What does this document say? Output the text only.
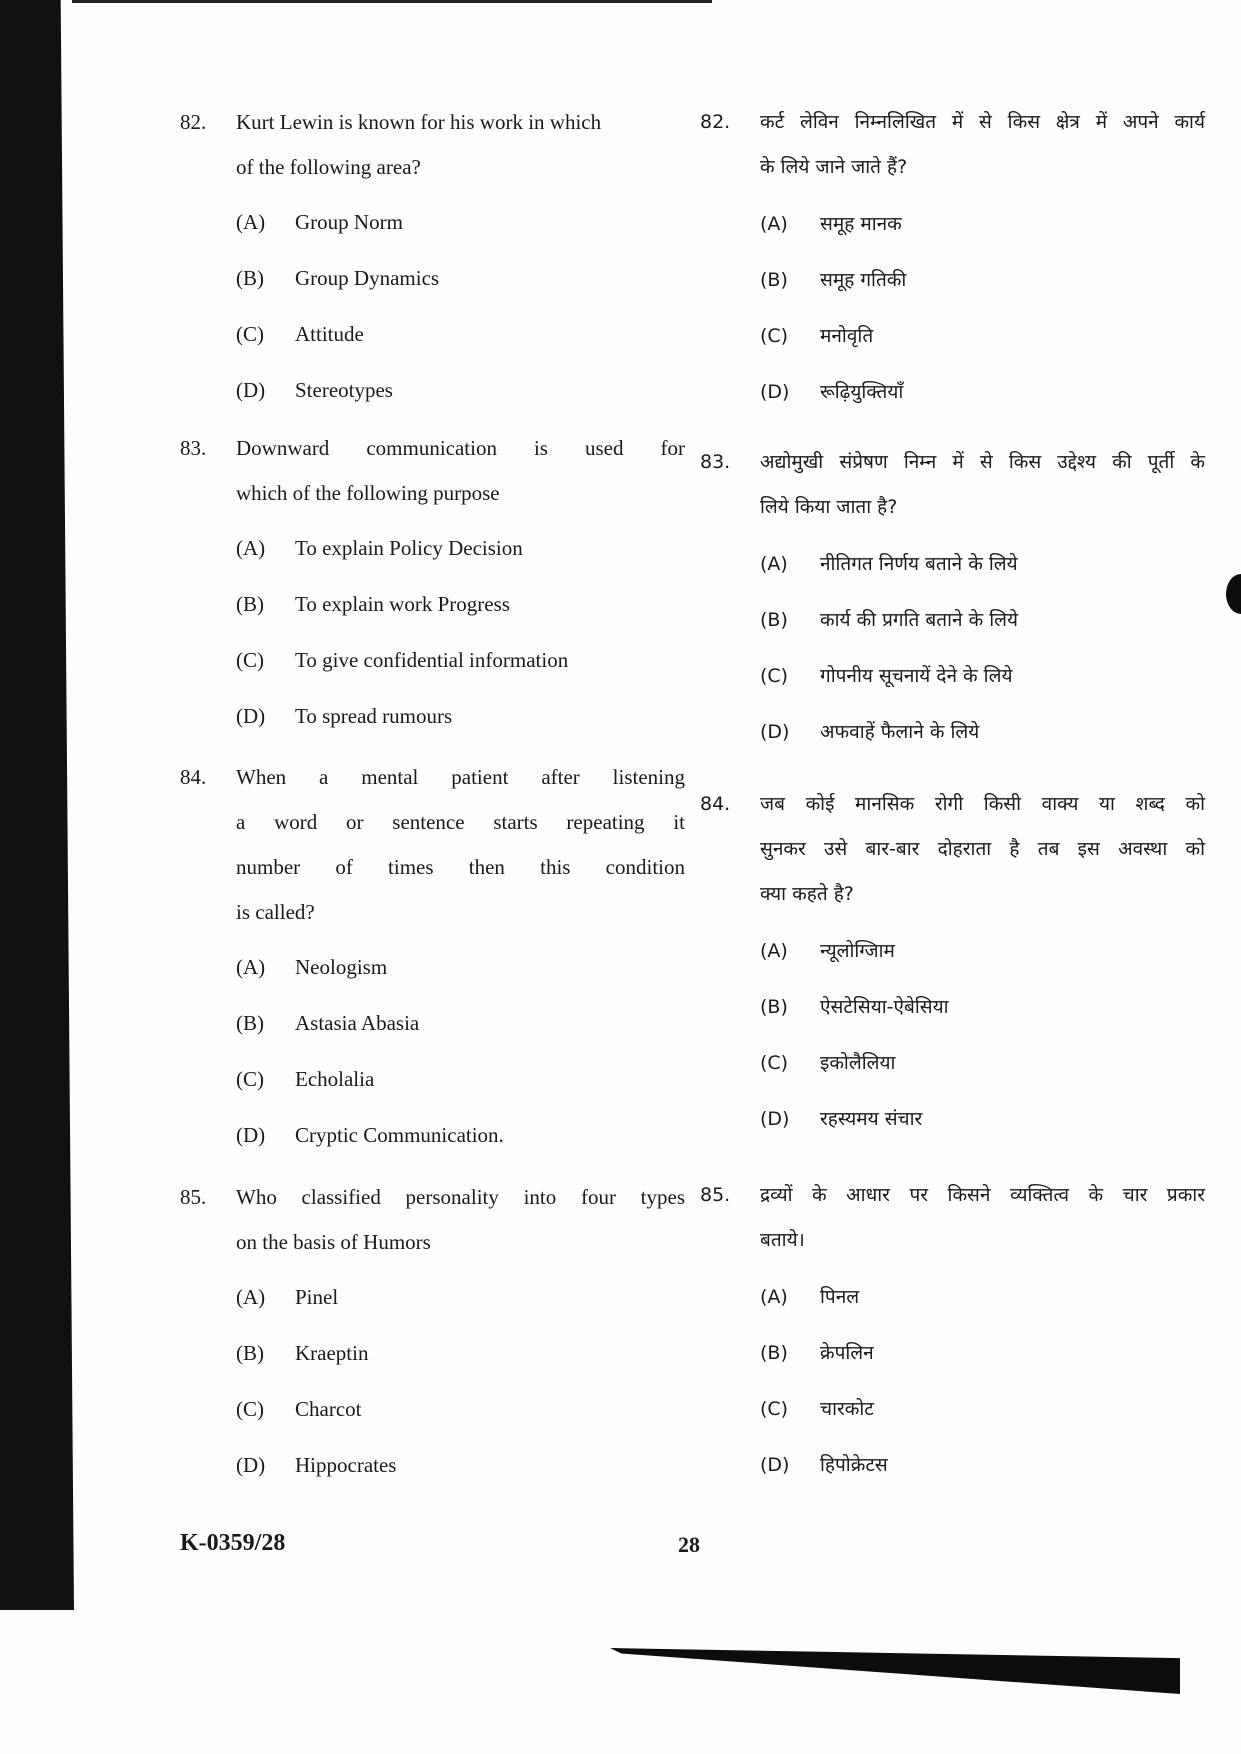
82. Kurt Lewin is known for his work in which
of the following area?
(A) Group Norm
(B) Group Dynamics
(C) Attitude
(D) Stereotypes
83. Downward communication is used for
which of the following purpose
(A) To explain Policy Decision
(B) To explain work Progress
(C) To give confidential information
(D) To spread rumours
84. When a mental patient after listening
a word or sentence starts repeating it
number of times then this condition
is called?
(A) Neologism
(B) Astasia Abasia
(C) Echolalia
(D) Cryptic Communication.
85. Who classified personality into four types
on the basis of Humors
(A) Pinel
(B) Kraeptin
(C) Charcot
(D) Hippocrates
82. कर्ट लेविन निम्नलिखित में से किस क्षेत्र में अपने कार्य
के लिये जाने जाते हैं?
(A) समूह मानक
(B) समूह गतिकी
(C) मनोवृति
(D) रूढ़ियुक्तियाँ
83. अद्योमुखी संप्रेषण निम्न में से किस उद्देश्य की पूर्ती के
लिये किया जाता है?
(A) नीतिगत निर्णय बताने के लिये
(B) कार्य की प्रगति बताने के लिये
(C) गोपनीय सूचनायें देने के लिये
(D) अफवाहें फैलाने के लिये
84. जब कोई मानसिक रोगी किसी वाक्य या शब्द को
सुनकर उसे बार-बार दोहराता है तब इस अवस्था को
क्या कहते है?
(A) न्यूलोग्जिाम
(B) ऐसटेसिया-ऐबेसिया
(C) इकोलैलिया
(D) रहस्यमय संचार
85. द्रव्यों के आधार पर किसने व्यक्तित्व के चार प्रकार
बताये।
(A) पिनल
(B) क्रेपलिन
(C) चारकोट
(D) हिपोक्रेटस
K-0359/28	28
